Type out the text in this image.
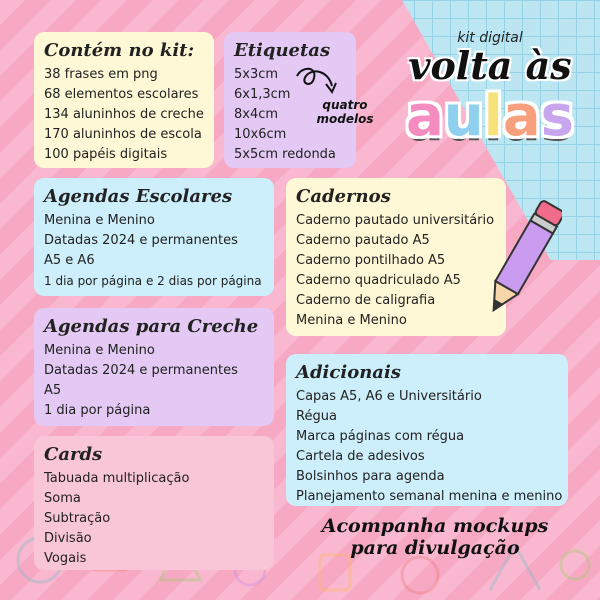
kit digital
volta às
a u l a s
Contém no kit:
38 frases em png
68 elementos escolares
134 aluninhos de creche
170 aluninhos de escola
100 papéis digitais
Etiquetas
5x3cm
6x1,3cm
8x4cm
10x6cm
5x5cm redonda
quatro modelos
Agendas Escolares
Menina e Menino
Datadas 2024 e permanentes
A5 e A6
1 dia por página e 2 dias por página
Cadernos
Caderno pautado universitário
Caderno pautado A5
Caderno pontilhado A5
Caderno quadriculado A5
Caderno de caligrafia
Menina e Menino
Agendas para Creche
Menina e Menino
Datadas 2024 e permanentes
A5
1 dia por página
Adicionais
Capas A5, A6 e Universitário
Régua
Marca páginas com régua
Cartela de adesivos
Bolsinhos para agenda
Planejamento semanal menina e menino
Cards
Tabuada multiplicação
Soma
Subtração
Divisão
Vogais
Acompanha mockups
para divulgação
